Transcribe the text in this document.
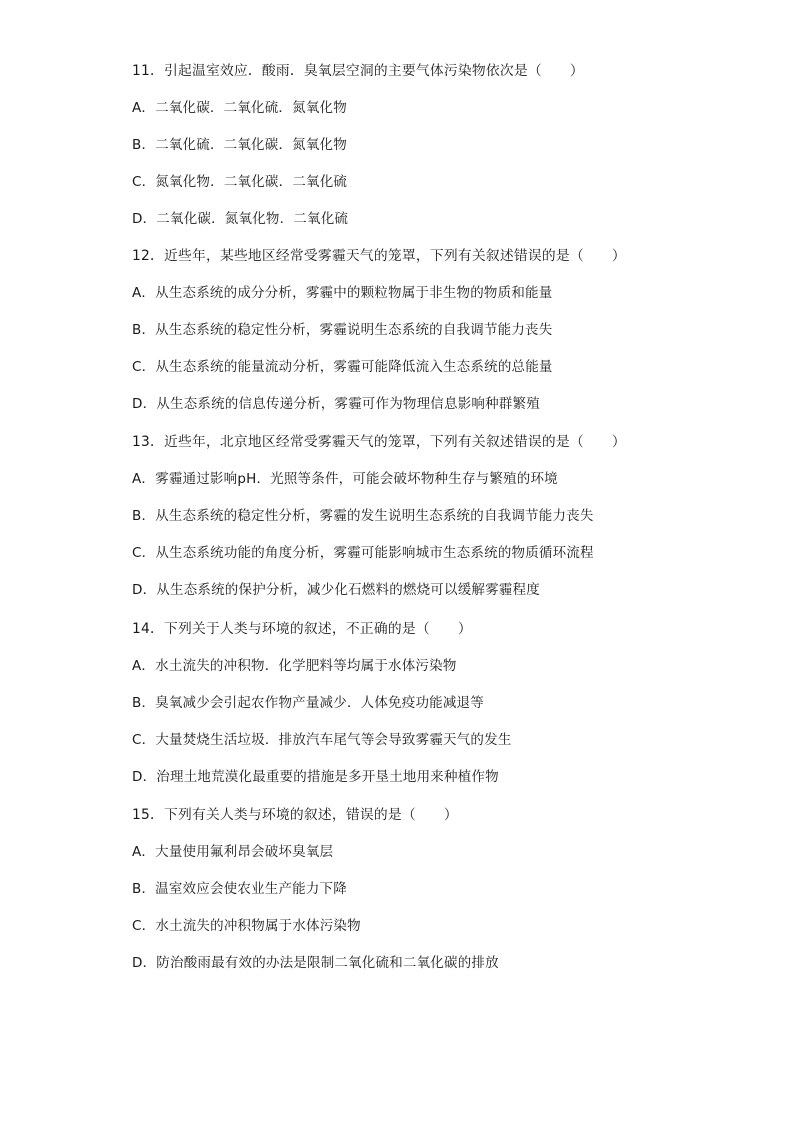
11．引起温室效应．酸雨．臭氧层空洞的主要气体污染物依次是（　　）
A．二氧化碳．二氧化硫．氮氧化物
B．二氧化硫．二氧化碳．氮氧化物
C．氮氧化物．二氧化碳．二氧化硫
D．二氧化碳．氮氧化物．二氧化硫
12．近些年，某些地区经常受雾霾天气的笼罩，下列有关叙述错误的是（　　）
A．从生态系统的成分分析，雾霾中的颗粒物属于非生物的物质和能量
B．从生态系统的稳定性分析，雾霾说明生态系统的自我调节能力丧失
C．从生态系统的能量流动分析，雾霾可能降低流入生态系统的总能量
D．从生态系统的信息传递分析，雾霾可作为物理信息影响种群繁殖
13．近些年，北京地区经常受雾霾天气的笼罩，下列有关叙述错误的是（　　）
A．雾霾通过影响pH．光照等条件，可能会破坏物种生存与繁殖的环境
B．从生态系统的稳定性分析，雾霾的发生说明生态系统的自我调节能力丧失
C．从生态系统功能的角度分析，雾霾可能影响城市生态系统的物质循环流程
D．从生态系统的保护分析，减少化石燃料的燃烧可以缓解雾霾程度
14．下列关于人类与环境的叙述，不正确的是（　　）
A．水土流失的冲积物．化学肥料等均属于水体污染物
B．臭氧减少会引起农作物产量减少．人体免疫功能减退等
C．大量焚烧生活垃圾．排放汽车尾气等会导致雾霾天气的发生
D．治理土地荒漠化最重要的措施是多开垦土地用来种植作物
15．下列有关人类与环境的叙述，错误的是（　　）
A．大量使用氟利昂会破坏臭氧层
B．温室效应会使农业生产能力下降
C．水土流失的冲积物属于水体污染物
D．防治酸雨最有效的办法是限制二氧化硫和二氧化碳的排放
